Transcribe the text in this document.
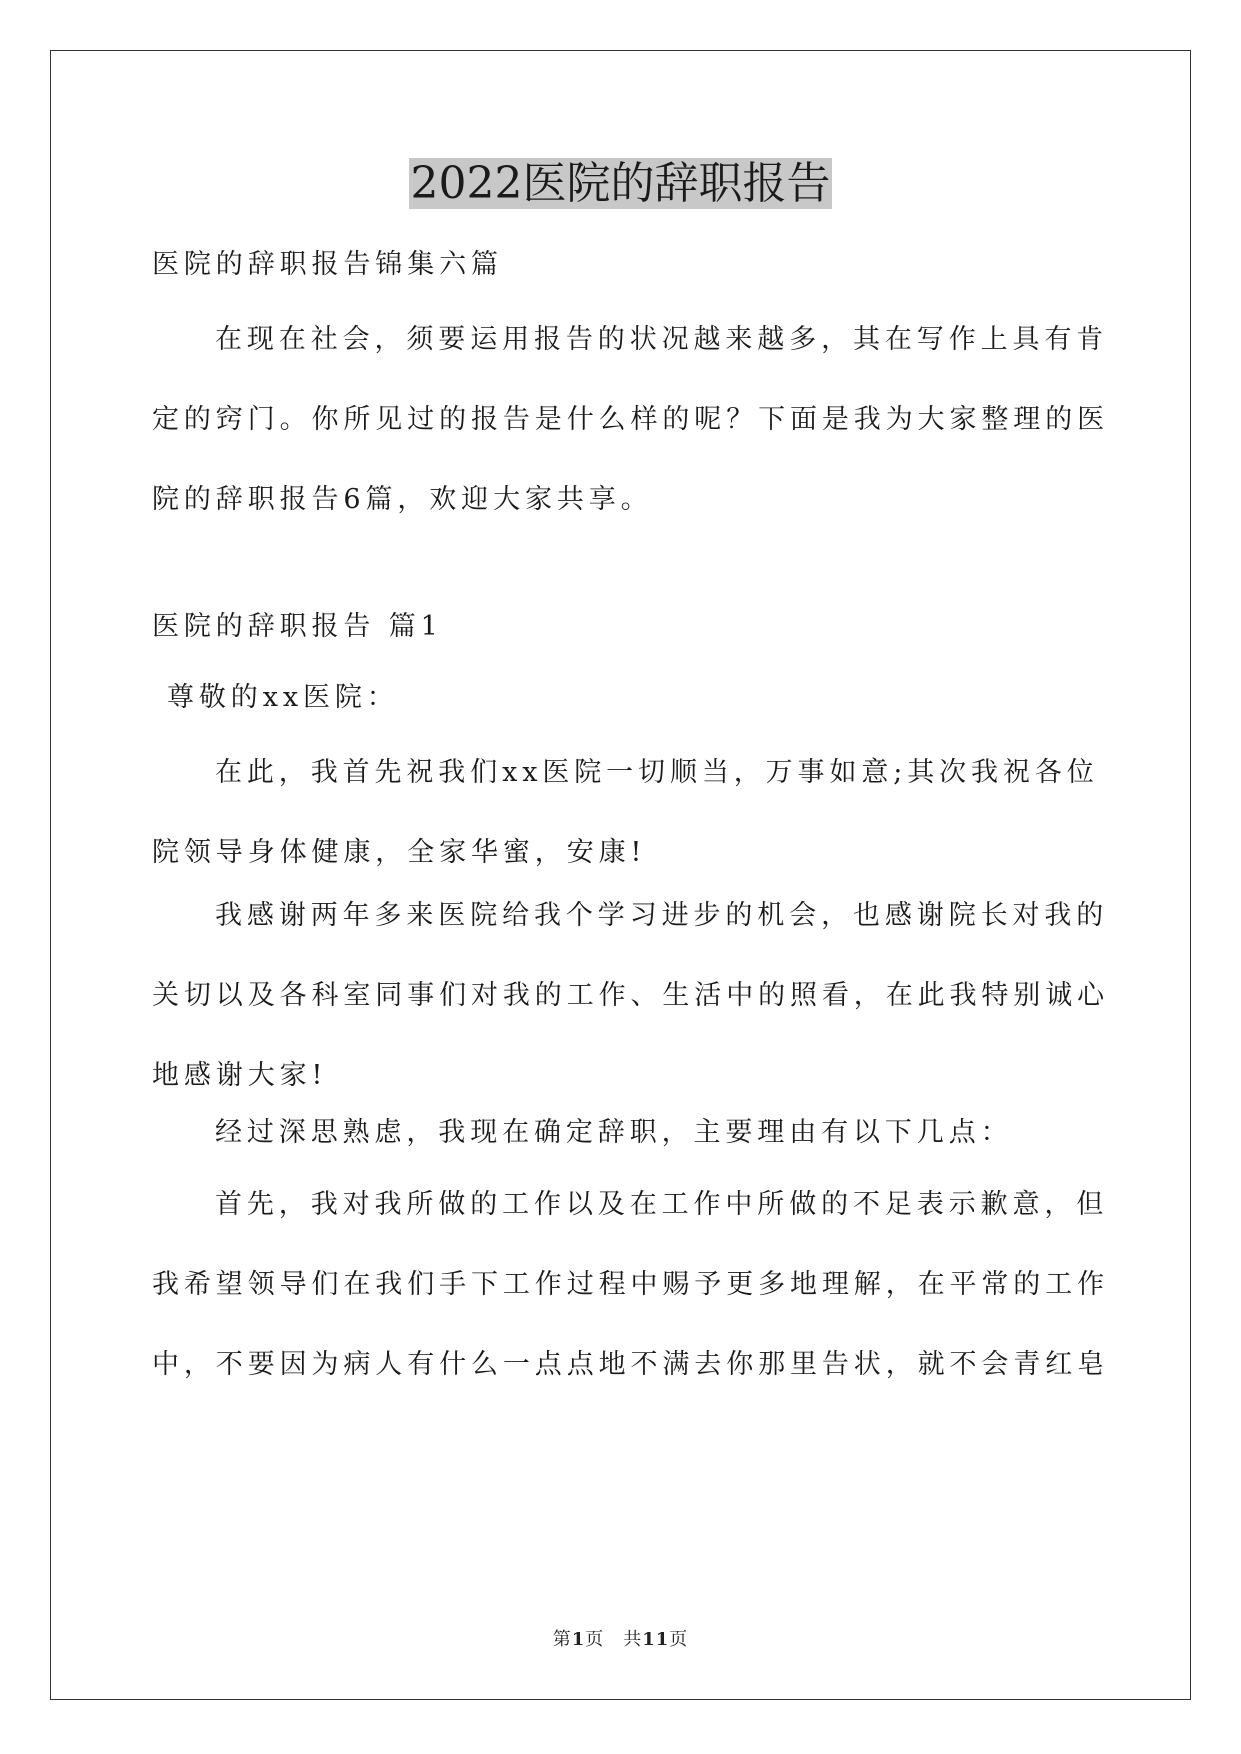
2022医院的辞职报告

医院的辞职报告锦集六篇

在现在社会，须要运用报告的状况越来越多，其在写作上具有肯
定的窍门。你所见过的报告是什么样的呢？下面是我为大家整理的医
院的辞职报告6篇，欢迎大家共享。

医院的辞职报告 篇1

尊敬的xx医院：

在此，我首先祝我们xx医院一切顺当，万事如意;其次我祝各位
院领导身体健康，全家华蜜，安康!

我感谢两年多来医院给我个学习进步的机会，也感谢院长对我的
关切以及各科室同事们对我的工作、生活中的照看，在此我特别诚心
地感谢大家!

经过深思熟虑，我现在确定辞职，主要理由有以下几点：

首先，我对我所做的工作以及在工作中所做的不足表示歉意，但
我希望领导们在我们手下工作过程中赐予更多地理解，在平常的工作
中，不要因为病人有什么一点点地不满去你那里告状，就不会青红皂

第1页　共11页
